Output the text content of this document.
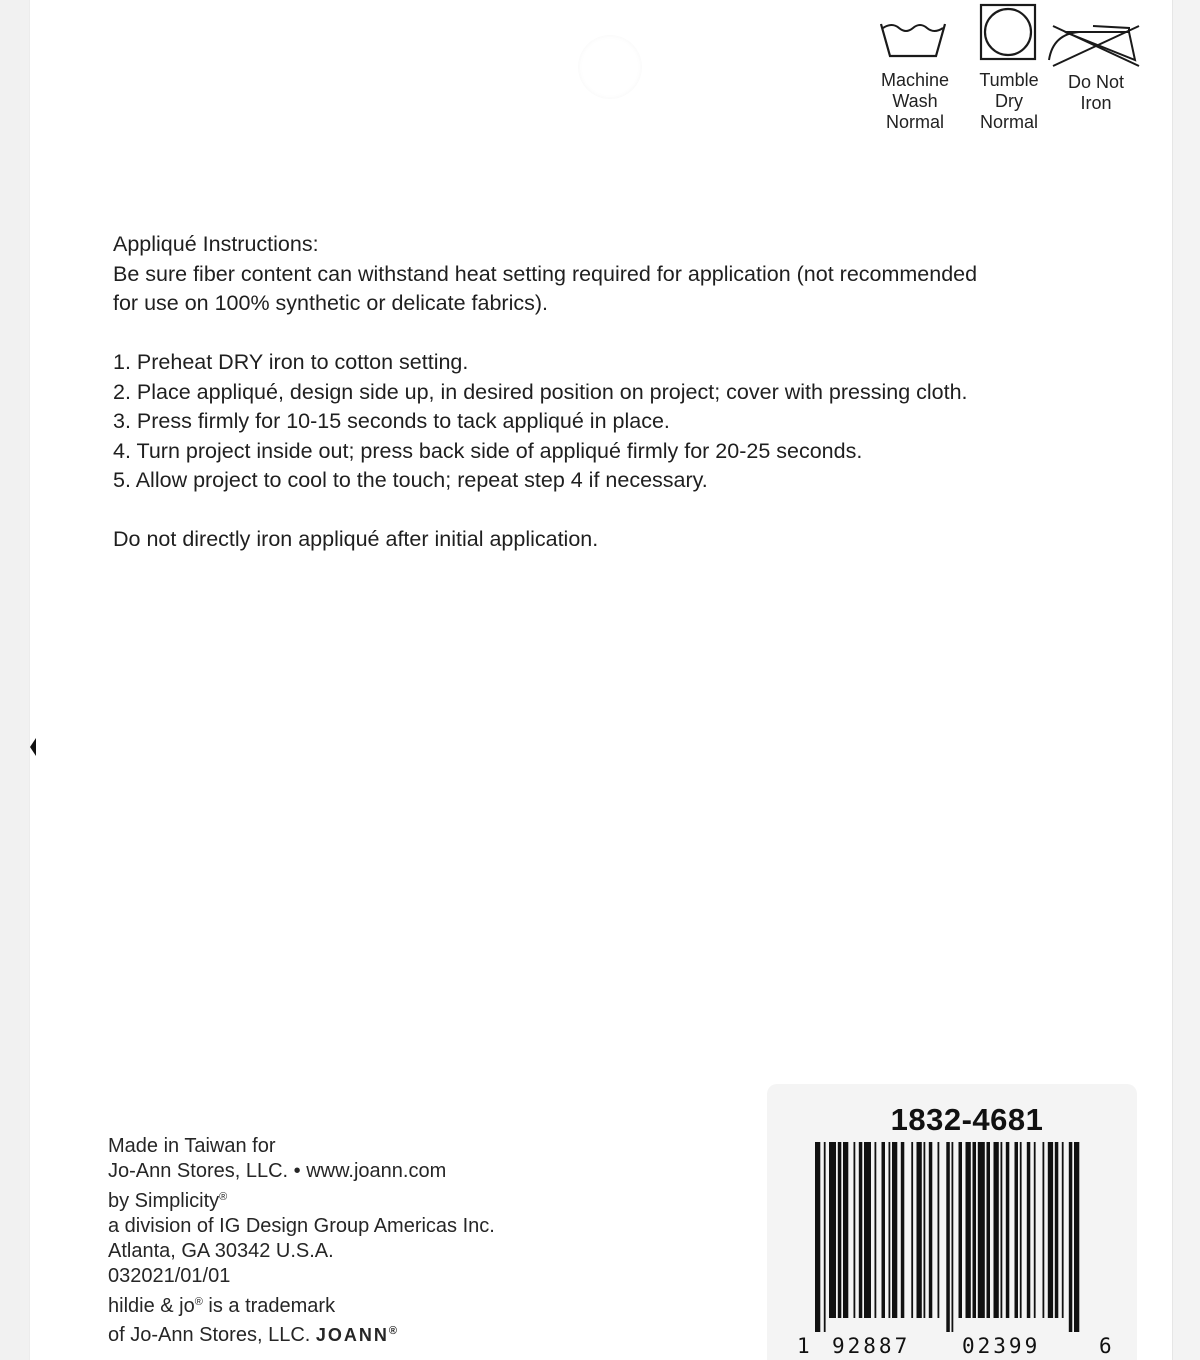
Machine
Wash
Normal
Tumble
Dry
Normal
Do Not
Iron

Appliqué Instructions:

Be sure fiber content can withstand heat setting required for application (not recommended

for use on 100% synthetic or delicate fabrics).

1. Preheat DRY iron to cotton setting.
2. Place appliqué, design side up, in desired position on project; cover with pressing cloth.
3. Press firmly for 10-15 seconds to tack appliqué in place.
4. Turn project inside out; press back side of appliqué firmly for 20-25 seconds.
5. Allow project to cool to the touch; repeat step 4 if necessary.

Do not directly iron appliqué after initial application.

Made in Taiwan for
Jo-Ann Stores, LLC. • www.joann.com
by Simplicity®
a division of IG Design Group Americas Inc.
Atlanta, GA 30342 U.S.A.
032021/01/01
hildie & jo® is a trademark
of Jo-Ann Stores, LLC. JOANN®
1832-4681
1 92887 02399	6
